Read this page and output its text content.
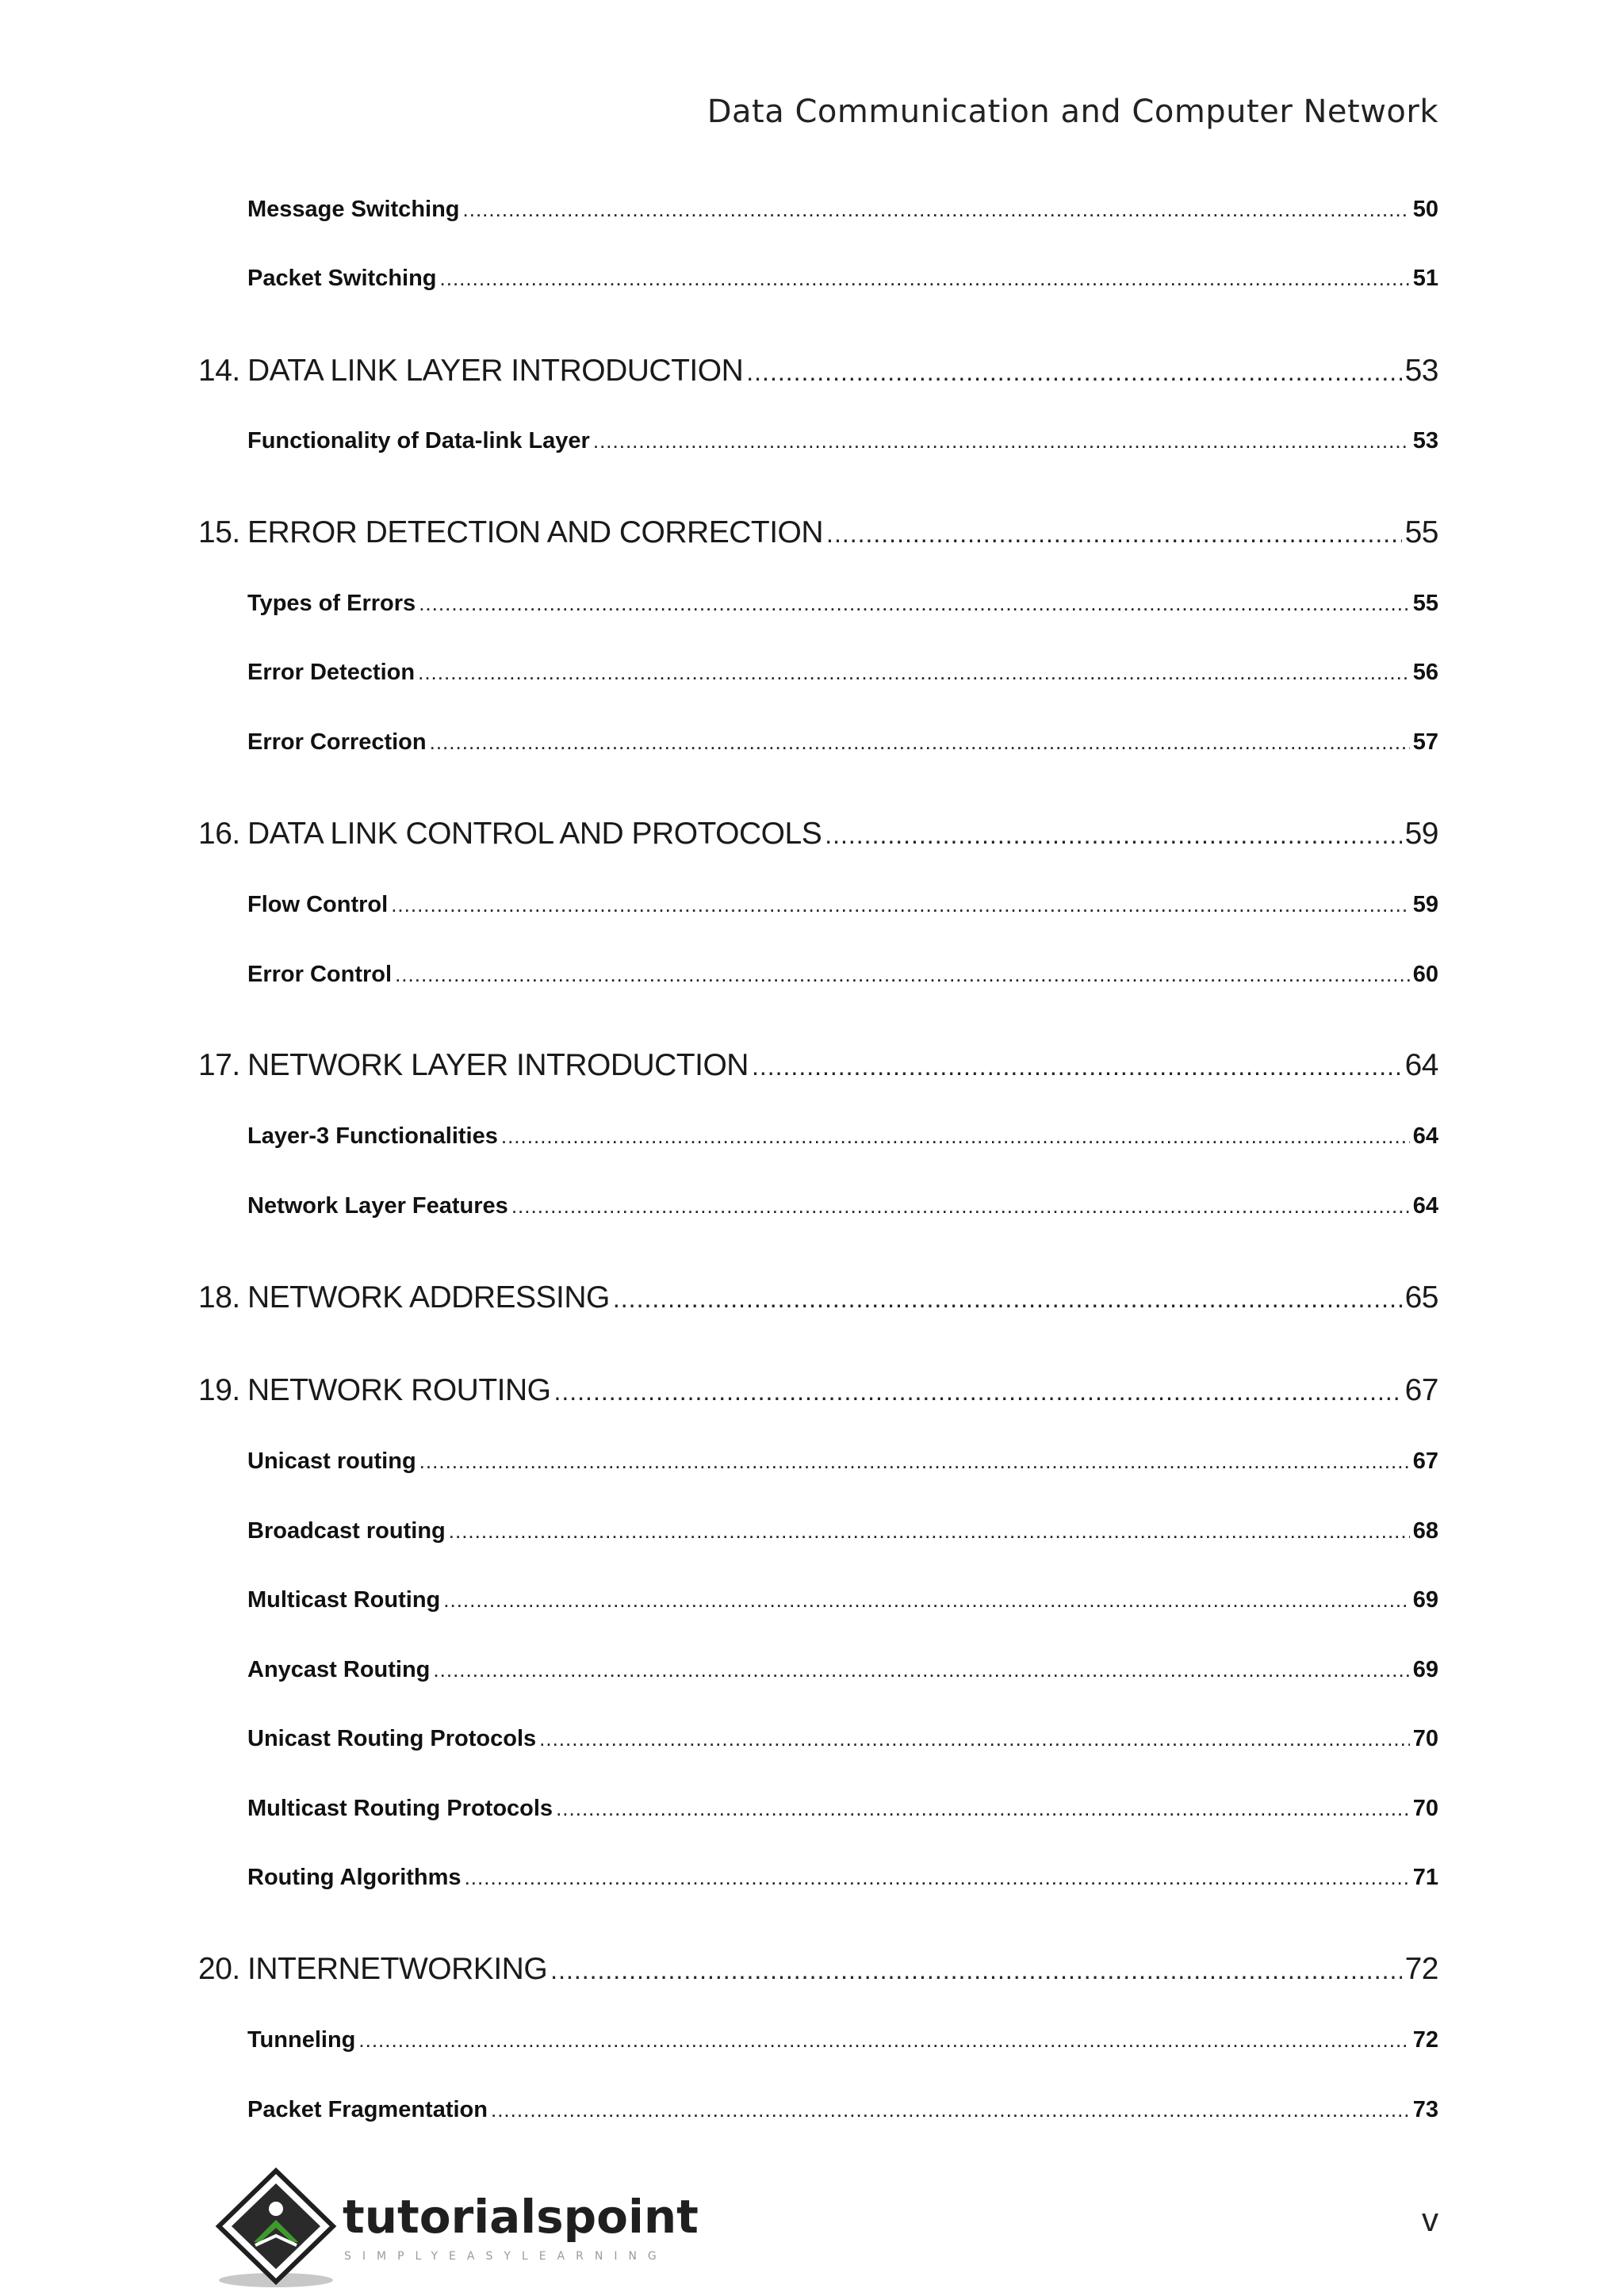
Data Communication and Computer Network
Message Switching .....	50
Packet Switching .....	51
14. DATA LINK LAYER INTRODUCTION .....	53
Functionality of Data-link Layer .....	53
15. ERROR DETECTION AND CORRECTION .....	55
Types of Errors .....	55
Error Detection .....	56
Error Correction .....	57
16. DATA LINK CONTROL AND PROTOCOLS .....	59
Flow Control .....	59
Error Control .....	60
17. NETWORK LAYER INTRODUCTION .....	64
Layer-3 Functionalities .....	64
Network Layer Features .....	64
18. NETWORK ADDRESSING .....	65
19. NETWORK ROUTING .....	67
Unicast routing .....	67
Broadcast routing .....	68
Multicast Routing .....	69
Anycast Routing .....	69
Unicast Routing Protocols .....	70
Multicast Routing Protocols .....	70
Routing Algorithms .....	71
20. INTERNETWORKING .....	72
Tunneling .....	72
Packet Fragmentation .....	73
tutorialspoint
SIMPLYEASYLEARNING
v
